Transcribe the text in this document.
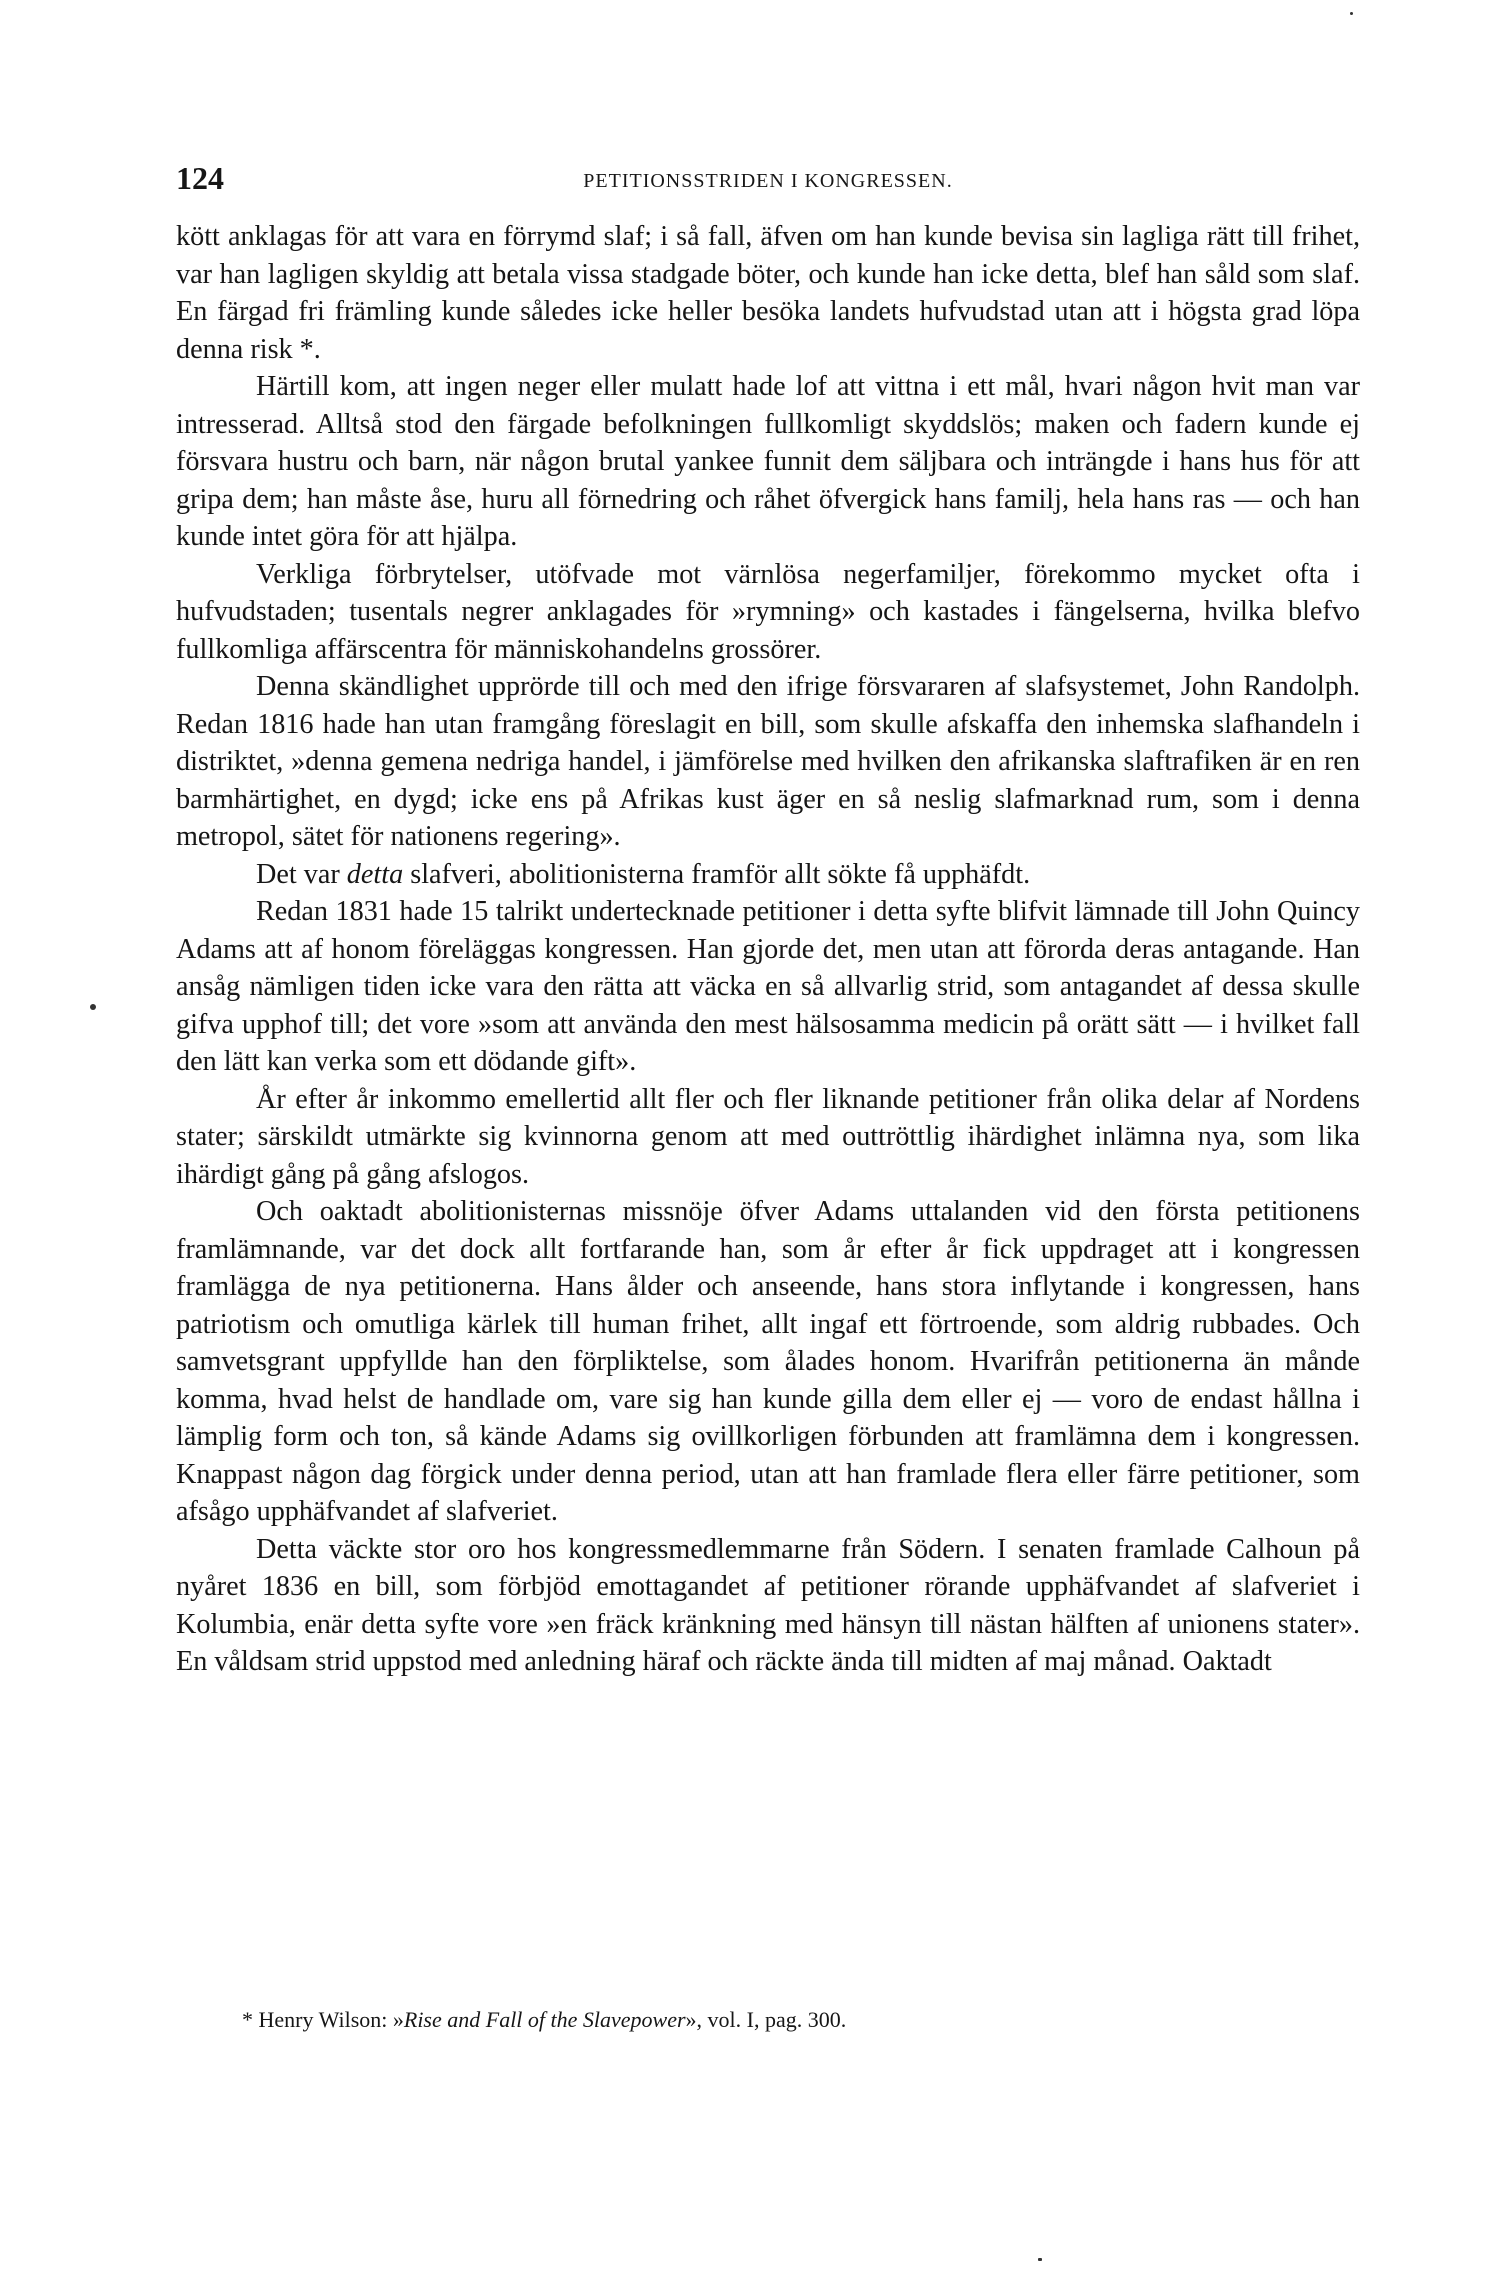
124	PETITIONSSTRIDEN I KONGRESSEN.

kött anklagas för att vara en förrymd slaf; i så fall, äfven om han kunde bevisa sin lagliga rätt till frihet, var han lagligen skyldig att betala vissa stadgade böter, och kunde han icke detta, blef han såld som slaf. En färgad fri främling kunde således icke heller besöka landets hufvudstad utan att i högsta grad löpa denna risk *.

Härtill kom, att ingen neger eller mulatt hade lof att vittna i ett mål, hvari någon hvit man var intresserad. Alltså stod den färgade befolkningen fullkomligt skyddslös; maken och fadern kunde ej försvara hustru och barn, när någon brutal yankee funnit dem säljbara och inträngde i hans hus för att gripa dem; han måste åse, huru all förnedring och råhet öfvergick hans familj, hela hans ras — och han kunde intet göra för att hjälpa.

Verkliga förbrytelser, utöfvade mot värnlösa negerfamiljer, förekommo mycket ofta i hufvudstaden; tusentals negrer anklagades för »rymning» och kastades i fängelserna, hvilka blefvo fullkomliga affärscentra för människohandelns grossörer.

Denna skändlighet upprörde till och med den ifrige försvararen af slafsystemet, John Randolph. Redan 1816 hade han utan framgång föreslagit en bill, som skulle afskaffa den inhemska slafhandeln i distriktet, »denna gemena nedriga handel, i jämförelse med hvilken den afrikanska slaftrafiken är en ren barmhärtighet, en dygd; icke ens på Afrikas kust äger en så neslig slafmarknad rum, som i denna metropol, sätet för nationens regering».

Det var detta slafveri, abolitionisterna framför allt sökte få upphäfdt.

Redan 1831 hade 15 talrikt undertecknade petitioner i detta syfte blifvit lämnade till John Quincy Adams att af honom föreläggas kongressen. Han gjorde det, men utan att förorda deras antagande. Han ansåg nämligen tiden icke vara den rätta att väcka en så allvarlig strid, som antagandet af dessa skulle gifva upphof till; det vore »som att använda den mest hälsosamma medicin på orätt sätt — i hvilket fall den lätt kan verka som ett dödande gift».

År efter år inkommo emellertid allt fler och fler liknande petitioner från olika delar af Nordens stater; särskildt utmärkte sig kvinnorna genom att med outtröttlig ihärdighet inlämna nya, som lika ihärdigt gång på gång afslogos.

Och oaktadt abolitionisternas missnöje öfver Adams uttalanden vid den första petitionens framlämnande, var det dock allt fortfarande han, som år efter år fick uppdraget att i kongressen framlägga de nya petitionerna. Hans ålder och anseende, hans stora inflytande i kongressen, hans patriotism och omutliga kärlek till human frihet, allt ingaf ett förtroende, som aldrig rubbades. Och samvetsgrant uppfyllde han den förpliktelse, som ålades honom. Hvarifrån petitionerna än månde komma, hvad helst de handlade om, vare sig han kunde gilla dem eller ej — voro de endast hållna i lämplig form och ton, så kände Adams sig ovillkorligen förbunden att framlämna dem i kongressen. Knappast någon dag förgick under denna period, utan att han framlade flera eller färre petitioner, som afsågo upphäfvandet af slafveriet.

Detta väckte stor oro hos kongressmedlemmarne från Södern. I senaten framlade Calhoun på nyåret 1836 en bill, som förbjöd emottagandet af petitioner rörande upphäfvandet af slafveriet i Kolumbia, enär detta syfte vore »en fräck kränkning med hänsyn till nästan hälften af unionens stater». En våldsam strid uppstod med anledning häraf och räckte ända till midten af maj månad. Oaktadt

* Henry Wilson: »Rise and Fall of the Slavepower», vol. I, pag. 300.
